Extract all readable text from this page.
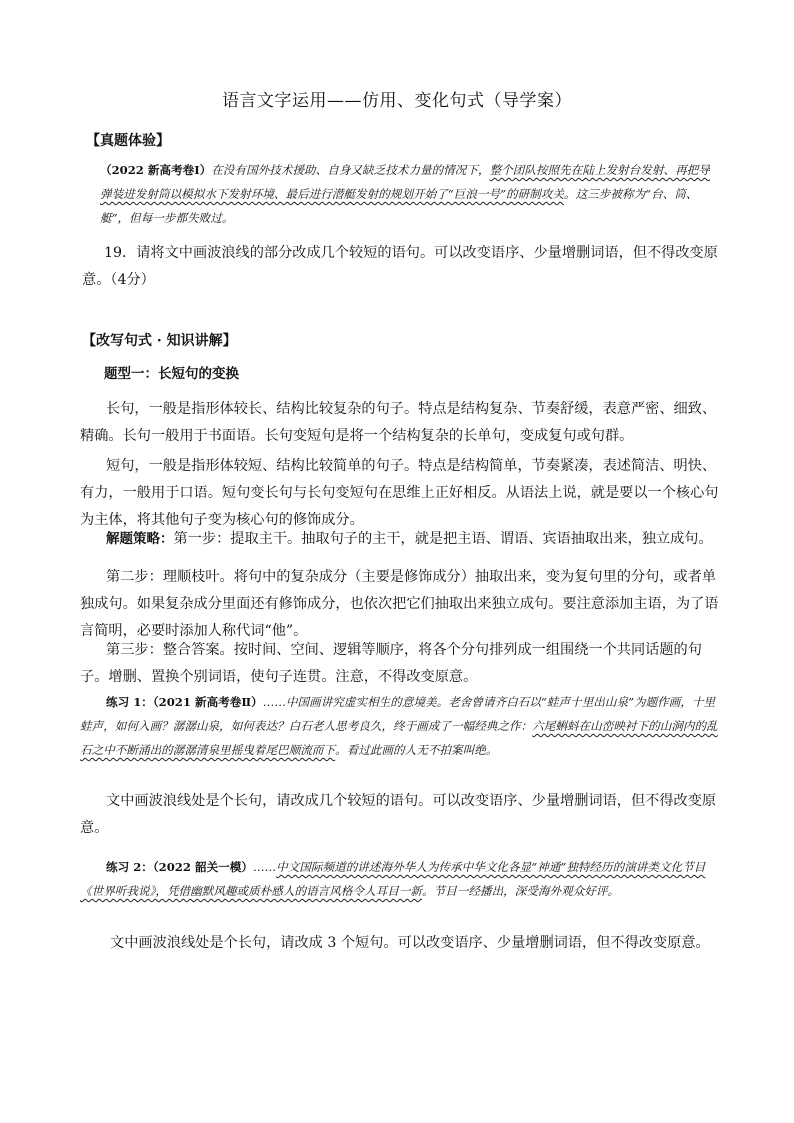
语言文字运用——仿用、变化句式（导学案）
【真题体验】
（2022 新高考卷Ⅰ）在没有国外技术援助、自身又缺乏技术力量的情况下，整个团队按照先在陆上发射台发射、再把导弹装进发射筒以模拟水下发射环境、最后进行潜艇发射的规划开始了“巨浪一号”的研制攻关。这三步被称为“台、筒、艇”，但每一步都失败过。
19．请将文中画波浪线的部分改成几个较短的语句。可以改变语序、少量增删词语，但不得改变原意。（4分）
【改写句式 · 知识讲解】
题型一：长短句的变换
长句，一般是指形体较长、结构比较复杂的句子。特点是结构复杂、节奏舒缓，表意严密、细致、精确。长句一般用于书面语。长句变短句是将一个结构复杂的长单句，变成复句或句群。
短句，一般是指形体较短、结构比较简单的句子。特点是结构简单，节奏紧凑，表述简洁、明快、有力，一般用于口语。短句变长句与长句变短句在思维上正好相反。从语法上说，就是要以一个核心句为主体，将其他句子变为核心句的修饰成分。
解题策略：第一步：提取主干。抽取句子的主干，就是把主语、谓语、宾语抽取出来，独立成句。
第二步：理顺枝叶。将句中的复杂成分（主要是修饰成分）抽取出来，变为复句里的分句，或者单独成句。如果复杂成分里面还有修饰成分，也依次把它们抽取出来独立成句。要注意添加主语，为了语言简明，必要时添加人称代词“他”。
第三步：整合答案。按时间、空间、逻辑等顺序，将各个分句排列成一组围绕一个共同话题的句子。增删、置换个别词语，使句子连贯。注意，不得改变原意。
练习 1：（2021 新高考卷Ⅱ）……中国画讲究虚实相生的意境美。老舍曾请齐白石以“蛙声十里出山泉”为题作画，十里蛙声，如何入画？潺潺山泉，如何表达？白石老人思考良久，终于画成了一幅经典之作：六尾蝌蚪在山峦映衬下的山涧内的乱石之中不断涌出的潺潺清泉里摇曳着尾巴顺流而下。看过此画的人无不拍案叫绝。
文中画波浪线处是个长句，请改成几个较短的语句。可以改变语序、少量增删词语，但不得改变原意。
练习 2：（2022 韶关一模）……中文国际频道的讲述海外华人为传承中华文化各显“神通”独特经历的演讲类文化节目《世界听我说》，凭借幽默风趣或质朴感人的语言风格令人耳目一新。节目一经播出，深受海外观众好评。
文中画波浪线处是个长句，请改成 3 个短句。可以改变语序、少量增删词语，但不得改变原意。
